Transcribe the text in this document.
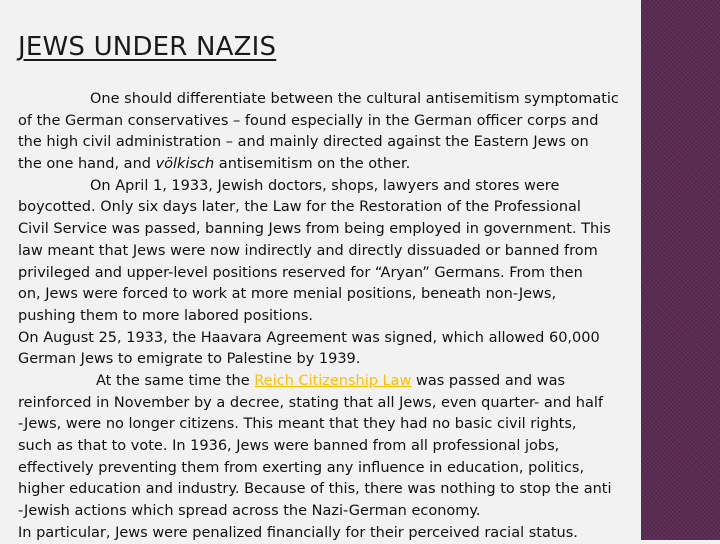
JEWS UNDER NAZIS
One should differentiate between the cultural antisemitism symptomatic
of the German conservatives – found especially in the German officer corps and
the high civil administration – and mainly directed against the Eastern Jews on
the one hand, and völkisch antisemitism on the other.
On April 1, 1933, Jewish doctors, shops, lawyers and stores were
boycotted. Only six days later, the Law for the Restoration of the Professional
Civil Service was passed, banning Jews from being employed in government. This
law meant that Jews were now indirectly and directly dissuaded or banned from
privileged and upper-level positions reserved for “Aryan” Germans. From then
on, Jews were forced to work at more menial positions, beneath non-Jews,
pushing them to more labored positions.
On August 25, 1933, the Haavara Agreement was signed, which allowed 60,000
German Jews to emigrate to Palestine by 1939.
At the same time the Reich Citizenship Law was passed and was
reinforced in November by a decree, stating that all Jews, even quarter- and half
-Jews, were no longer citizens. This meant that they had no basic civil rights,
such as that to vote. In 1936, Jews were banned from all professional jobs,
effectively preventing them from exerting any influence in education, politics,
higher education and industry. Because of this, there was nothing to stop the anti
-Jewish actions which spread across the Nazi-German economy.
In particular, Jews were penalized financially for their perceived racial status.
